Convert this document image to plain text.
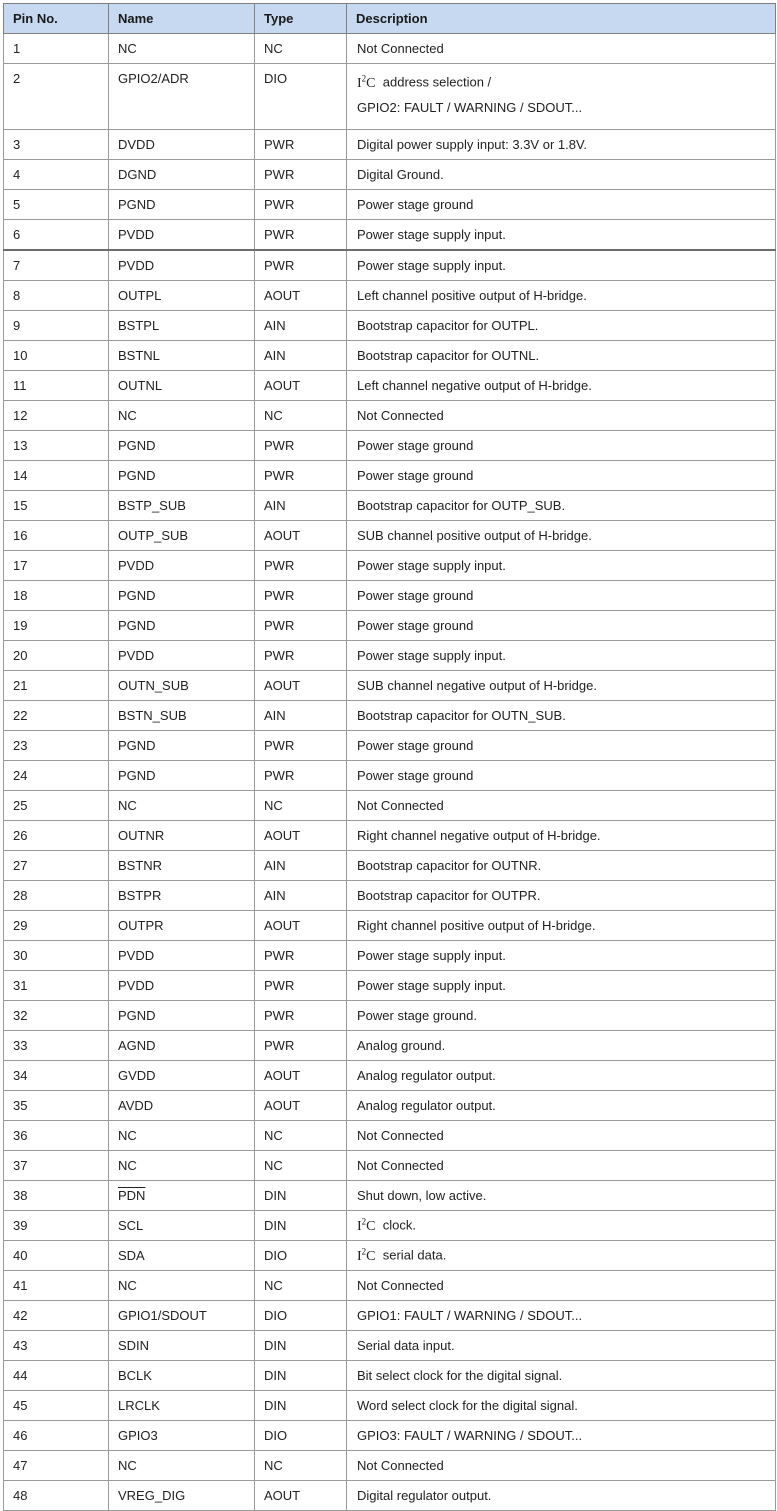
Pin No.	Name	Type	Description
1	NC	NC	Not Connected
2	GPIO2/ADR	DIO	$I^2C$ address selection /
GPIO2: FAULT / WARNING / SDOUT...

3	DVDD	PWR	Digital power supply input: 3.3V or 1.8V.
4	DGND	PWR	Digital Ground.
5	PGND	PWR	Power stage ground
6	PVDD	PWR	Power stage supply input.
7	PVDD	PWR	Power stage supply input.
8	OUTPL	AOUT	Left channel positive output of H-bridge.
9	BSTPL	AIN	Bootstrap capacitor for OUTPL.
10	BSTNL	AIN	Bootstrap capacitor for OUTNL.
11	OUTNL	AOUT	Left channel negative output of H-bridge.
12	NC	NC	Not Connected
13	PGND	PWR	Power stage ground
14	PGND	PWR	Power stage ground
15	BSTP_SUB	AIN	Bootstrap capacitor for OUTP_SUB.
16	OUTP_SUB	AOUT	SUB channel positive output of H-bridge.
17	PVDD	PWR	Power stage supply input.
18	PGND	PWR	Power stage ground
19	PGND	PWR	Power stage ground
20	PVDD	PWR	Power stage supply input.
21	OUTN_SUB	AOUT	SUB channel negative output of H-bridge.
22	BSTN_SUB	AIN	Bootstrap capacitor for OUTN_SUB.
23	PGND	PWR	Power stage ground
24	PGND	PWR	Power stage ground
25	NC	NC	Not Connected
26	OUTNR	AOUT	Right channel negative output of H-bridge.
27	BSTNR	AIN	Bootstrap capacitor for OUTNR.
28	BSTPR	AIN	Bootstrap capacitor for OUTPR.
29	OUTPR	AOUT	Right channel positive output of H-bridge.
30	PVDD	PWR	Power stage supply input.
31	PVDD	PWR	Power stage supply input.
32	PGND	PWR	Power stage ground.
33	AGND	PWR	Analog ground.
34	GVDD	AOUT	Analog regulator output.
35	AVDD	AOUT	Analog regulator output.
36	NC	NC	Not Connected
37	NC	NC	Not Connected
38	$\overline{PDN}$	DIN	Shut down, low active.
39	SCL	DIN	$I^2C$ clock.

40	SDA	DIO	$I^2C$ serial data.

41	NC	NC	Not Connected
42	GPIO1/SDOUT	DIO	GPIO1: FAULT / WARNING / SDOUT...
43	SDIN	DIN	Serial data input.
44	BCLK	DIN	Bit select clock for the digital signal.
45	LRCLK	DIN	Word select clock for the digital signal.
46	GPIO3	DIO	GPIO3: FAULT / WARNING / SDOUT...
47	NC	NC	Not Connected
48	VREG_DIG	AOUT	Digital regulator output.
